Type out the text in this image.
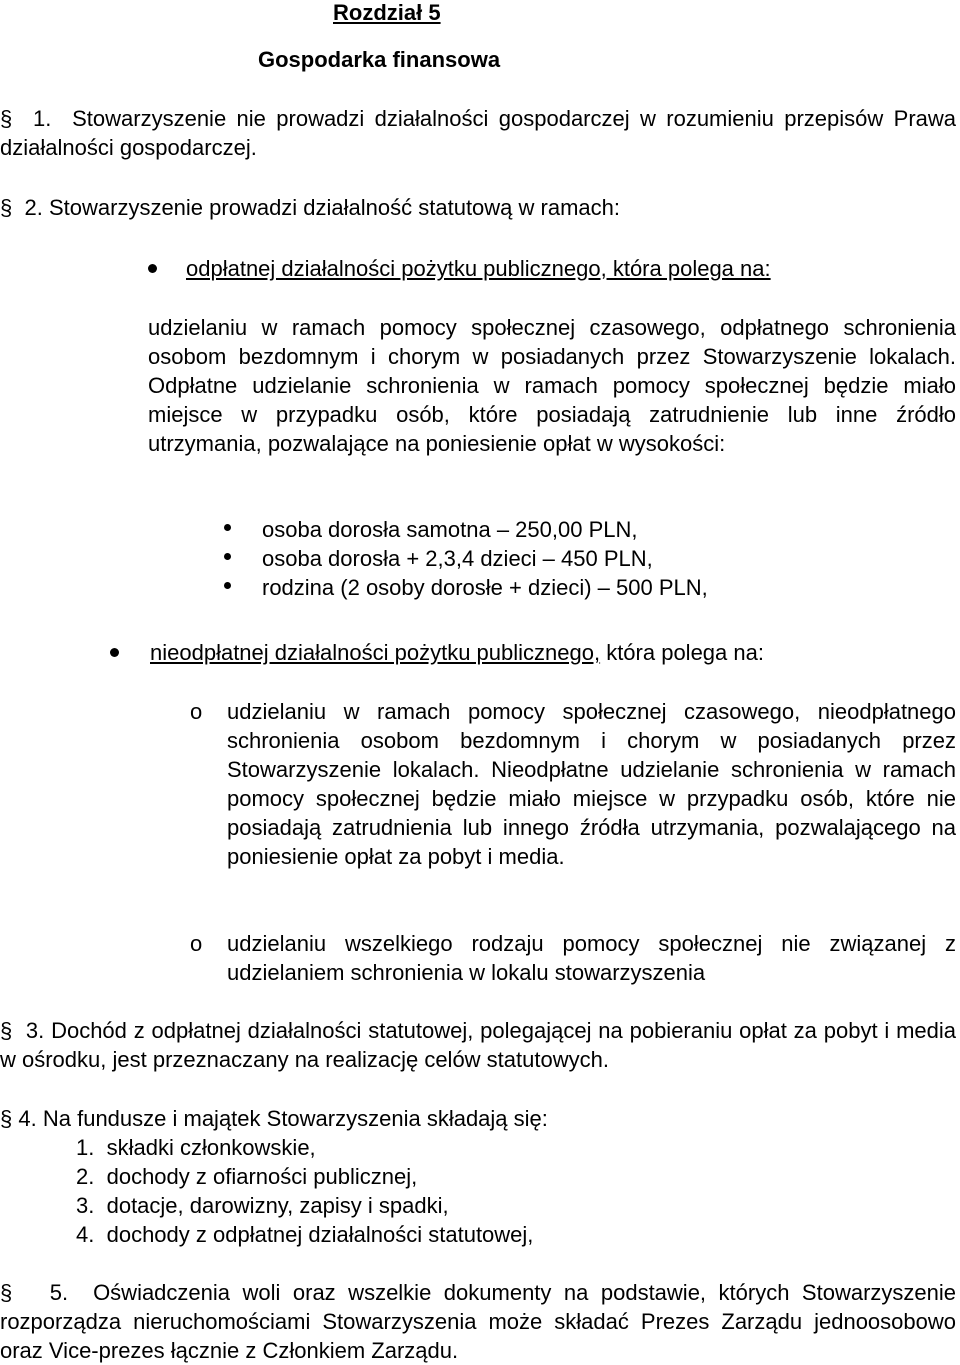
Rozdział 5
Gospodarka finansowa
§ 1. Stowarzyszenie nie prowadzi działalności gospodarczej w rozumieniu przepisów Prawa działalności gospodarczej.
§ 2. Stowarzyszenie prowadzi działalność statutową w ramach:
odpłatnej działalności pożytku publicznego, która polega na:
udzielaniu w ramach pomocy społecznej czasowego, odpłatnego schronienia osobom bezdomnym i chorym w posiadanych przez Stowarzyszenie lokalach. Odpłatne udzielanie schronienia w ramach pomocy społecznej będzie miało miejsce w przypadku osób, które posiadają zatrudnienie lub inne źródło utrzymania, pozwalające na poniesienie opłat w wysokości:
osoba dorosła samotna – 250,00 PLN,
osoba dorosła + 2,3,4 dzieci – 450 PLN,
rodzina (2 osoby dorosłe + dzieci) – 500 PLN,
nieodpłatnej działalności pożytku publicznego, która polega na:
o udzielaniu w ramach pomocy społecznej czasowego, nieodpłatnego schronienia osobom bezdomnym i chorym w posiadanych przez Stowarzyszenie lokalach. Nieodpłatne udzielanie schronienia w ramach pomocy społecznej będzie miało miejsce w przypadku osób, które nie posiadają zatrudnienia lub innego źródła utrzymania, pozwalającego na poniesienie opłat za pobyt i media.
o udzielaniu wszelkiego rodzaju pomocy społecznej nie związanej z udzielaniem schronienia w lokalu stowarzyszenia
§ 3. Dochód z odpłatnej działalności statutowej, polegającej na pobieraniu opłat za pobyt i media w ośrodku, jest przeznaczany na realizację celów statutowych.
§ 4. Na fundusze i majątek Stowarzyszenia składają się:
1. składki członkowskie,
2. dochody z ofiarności publicznej,
3. dotacje, darowizny, zapisy i spadki,
4. dochody z odpłatnej działalności statutowej,
§ 5. Oświadczenia woli oraz wszelkie dokumenty na podstawie, których Stowarzyszenie rozporządza nieruchomościami Stowarzyszenia może składać Prezes Zarządu jednoosobowo oraz Vice-prezes łącznie z Członkiem Zarządu.
